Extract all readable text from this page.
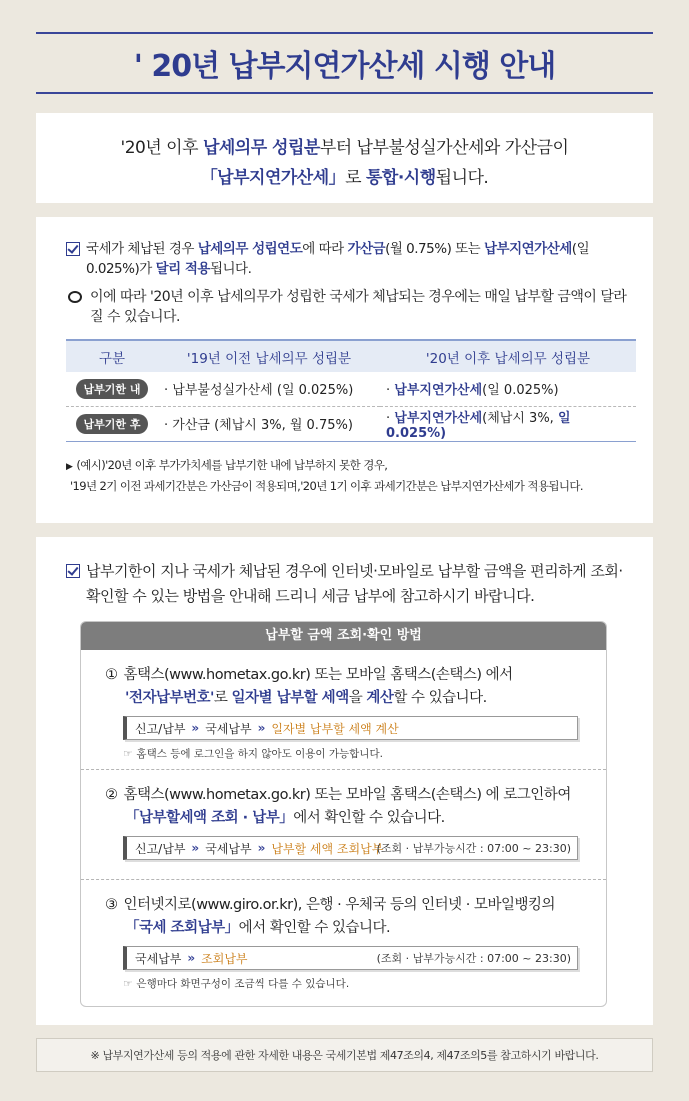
' 20년 납부지연가산세 시행 안내

'20년 이후 납세의무 성립분부터 납부불성실가산세와 가산금이

「납부지연가산세」로 통합·시행됩니다.

국세가 체납된 경우 납세의무 성립연도에 따라 가산금(월 0.75%) 또는 납부지연가산세(일 0.025%)가 달리 적용됩니다.
이에 따라 '20년 이후 납세의무가 성립한 국세가 체납되는 경우에는 매일 납부할 금액이 달라질 수 있습니다.
구분	'19년 이전 납세의무 성립분	'20년 이후 납세의무 성립분
납부기한 내	· 납부불성실가산세 (일 0.025%)	· 납부지연가산세(일 0.025%)
납부기한 후	· 가산금 (체납시 3%, 월 0.75%)	· 납부지연가산세(체납시 3%, 일 0.025%)
▶ (예시)'20년 이후 부가가치세를 납부기한 내에 납부하지 못한 경우,
'19년 2기 이전 과세기간분은 가산금이 적용되며,'20년 1기 이후 과세기간분은 납부지연가산세가 적용됩니다.
납부기한이 지나 국세가 체납된 경우에 인터넷·모바일로 납부할 금액을 편리하게 조회·확인할 수 있는 방법을 안내해 드리니 세금 납부에 참고하시기 바랍니다.
납부할 금액 조회·확인 방법
① 홈택스(www.hometax.go.kr) 또는 모바일 홈택스(손택스) 에서
'전자납부번호'로 일자별 납부할 세액을 계산할 수 있습니다.
신고/납부 » 국세납부 » 일자별 납부할 세액 계산
☞ 홈택스 등에 로그인을 하지 않아도 이용이 가능합니다.
② 홈택스(www.hometax.go.kr) 또는 모바일 홈택스(손택스) 에 로그인하여
「납부할세액 조회 · 납부」에서 확인할 수 있습니다.
신고/납부 » 국세납부 » 납부할 세액 조회납부
(조회 · 납부가능시간 : 07:00 ~ 23:30)
③ 인터넷지로(www.giro.or.kr), 은행 · 우체국 등의 인터넷 · 모바일뱅킹의
「국세 조회납부」에서 확인할 수 있습니다.
국세납부 » 조회납부	(조회 · 납부가능시간 : 07:00 ~ 23:30)
☞ 은행마다 화면구성이 조금씩 다를 수 있습니다.
※ 납부지연가산세 등의 적용에 관한 자세한 내용은 국세기본법 제47조의4, 제47조의5를 참고하시기 바랍니다.
